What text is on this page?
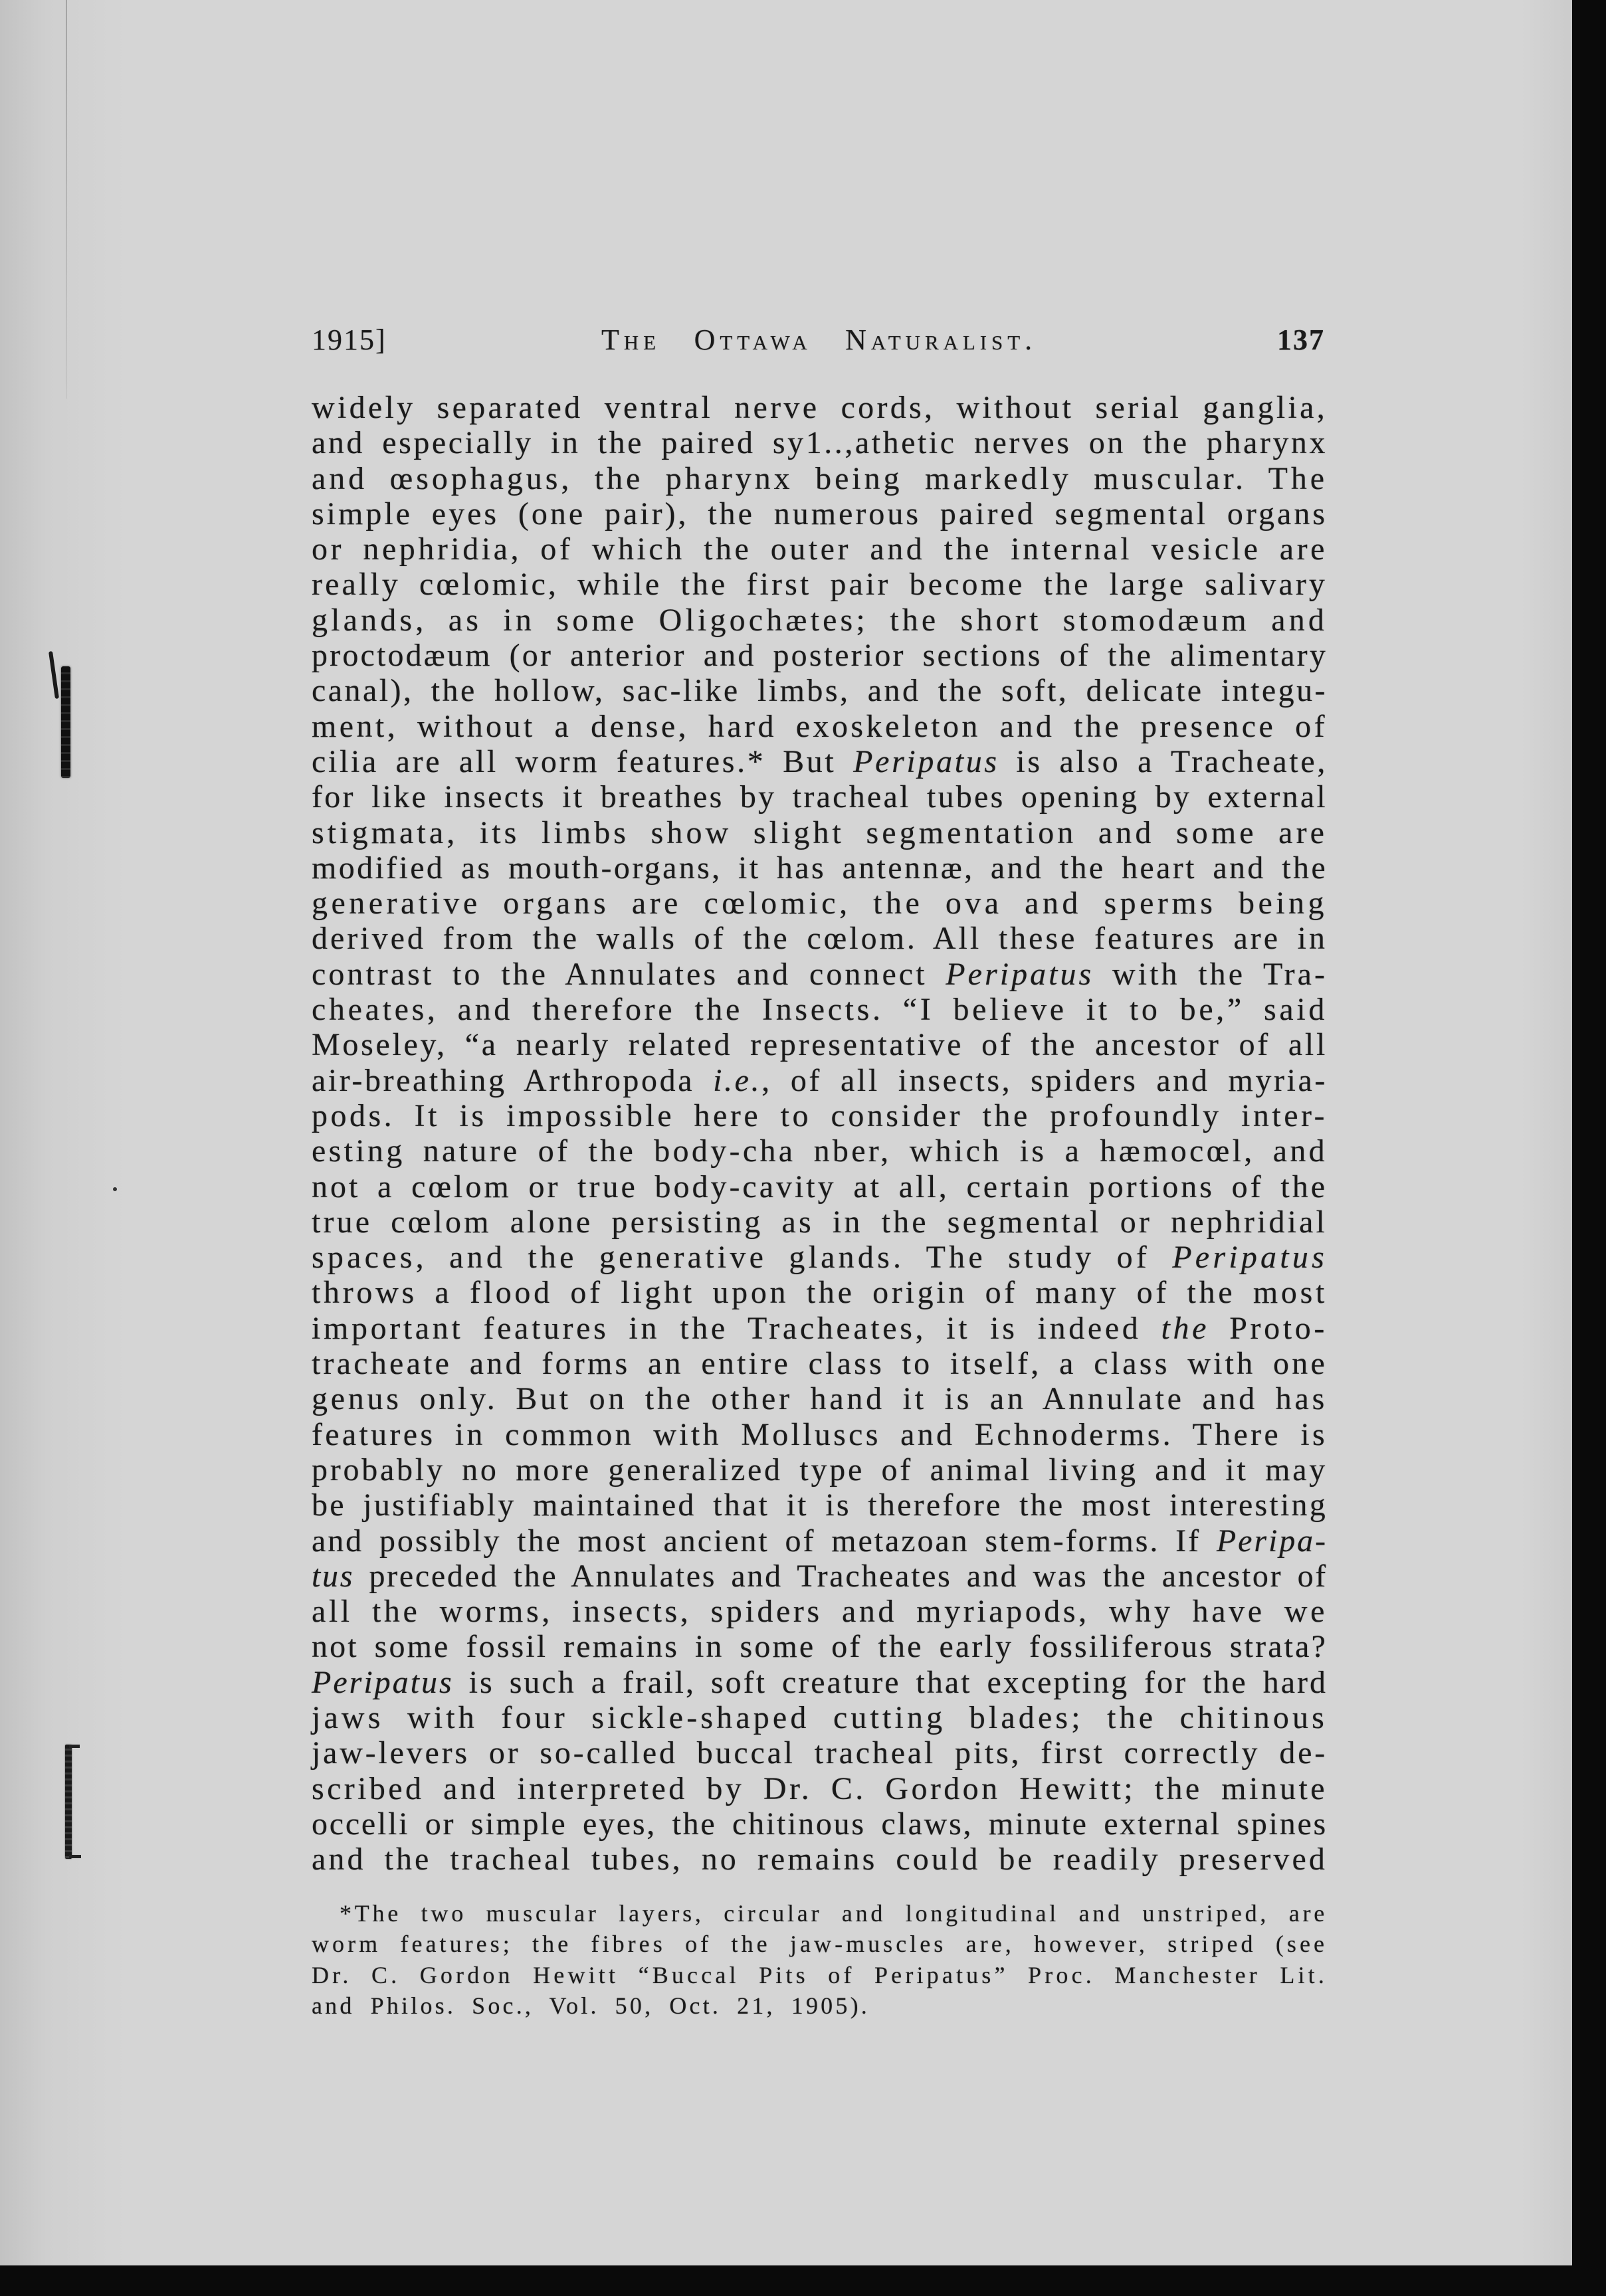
1915]	The Ottawa Naturalist.	137
widely separated ventral nerve cords, without serial ganglia,
and especially in the paired sy1..,athetic nerves on the pharynx
and œsophagus, the pharynx being markedly muscular. The
simple eyes (one pair), the numerous paired segmental organs
or nephridia, of which the outer and the internal vesicle are
really cœlomic, while the first pair become the large salivary
glands, as in some Oligochætes; the short stomodæum and
proctodæum (or anterior and posterior sections of the alimentary
canal), the hollow, sac-like limbs, and the soft, delicate integu-
ment, without a dense, hard exoskeleton and the presence of
cilia are all worm features.* But Peripatus is also a Tracheate,
for like insects it breathes by tracheal tubes opening by external
stigmata, its limbs show slight segmentation and some are
modified as mouth-organs, it has antennæ, and the heart and the
generative organs are cœlomic, the ova and sperms being
derived from the walls of the cœlom. All these features are in
contrast to the Annulates and connect Peripatus with the Tra-
cheates, and therefore the Insects. “I believe it to be,” said
Moseley, “a nearly related representative of the ancestor of all
air-breathing Arthropoda i.e., of all insects, spiders and myria-
pods. It is impossible here to consider the profoundly inter-
esting nature of the body-cha nber, which is a hæmocœl, and
not a cœlom or true body-cavity at all, certain portions of the
true cœlom alone persisting as in the segmental or nephridial
spaces, and the generative glands. The study of Peripatus
throws a flood of light upon the origin of many of the most
important features in the Tracheates, it is indeed the Proto-
tracheate and forms an entire class to itself, a class with one
genus only. But on the other hand it is an Annulate and has
features in common with Molluscs and Echnoderms. There is
probably no more generalized type of animal living and it may
be justifiably maintained that it is therefore the most interesting
and possibly the most ancient of metazoan stem-forms. If Peripa-
tus preceded the Annulates and Tracheates and was the ancestor of
all the worms, insects, spiders and myriapods, why have we
not some fossil remains in some of the early fossiliferous strata?
Peripatus is such a frail, soft creature that excepting for the hard
jaws with four sickle-shaped cutting blades; the chitinous
jaw-levers or so-called buccal tracheal pits, first correctly de-
scribed and interpreted by Dr. C. Gordon Hewitt; the minute
occelli or simple eyes, the chitinous claws, minute external spines
and the tracheal tubes, no remains could be readily preserved
*The two muscular layers, circular and longitudinal and unstriped, are
worm features; the fibres of the jaw-muscles are, however, striped (see
Dr. C. Gordon Hewitt “Buccal Pits of Peripatus” Proc. Manchester Lit.
and Philos. Soc., Vol. 50, Oct. 21, 1905).
